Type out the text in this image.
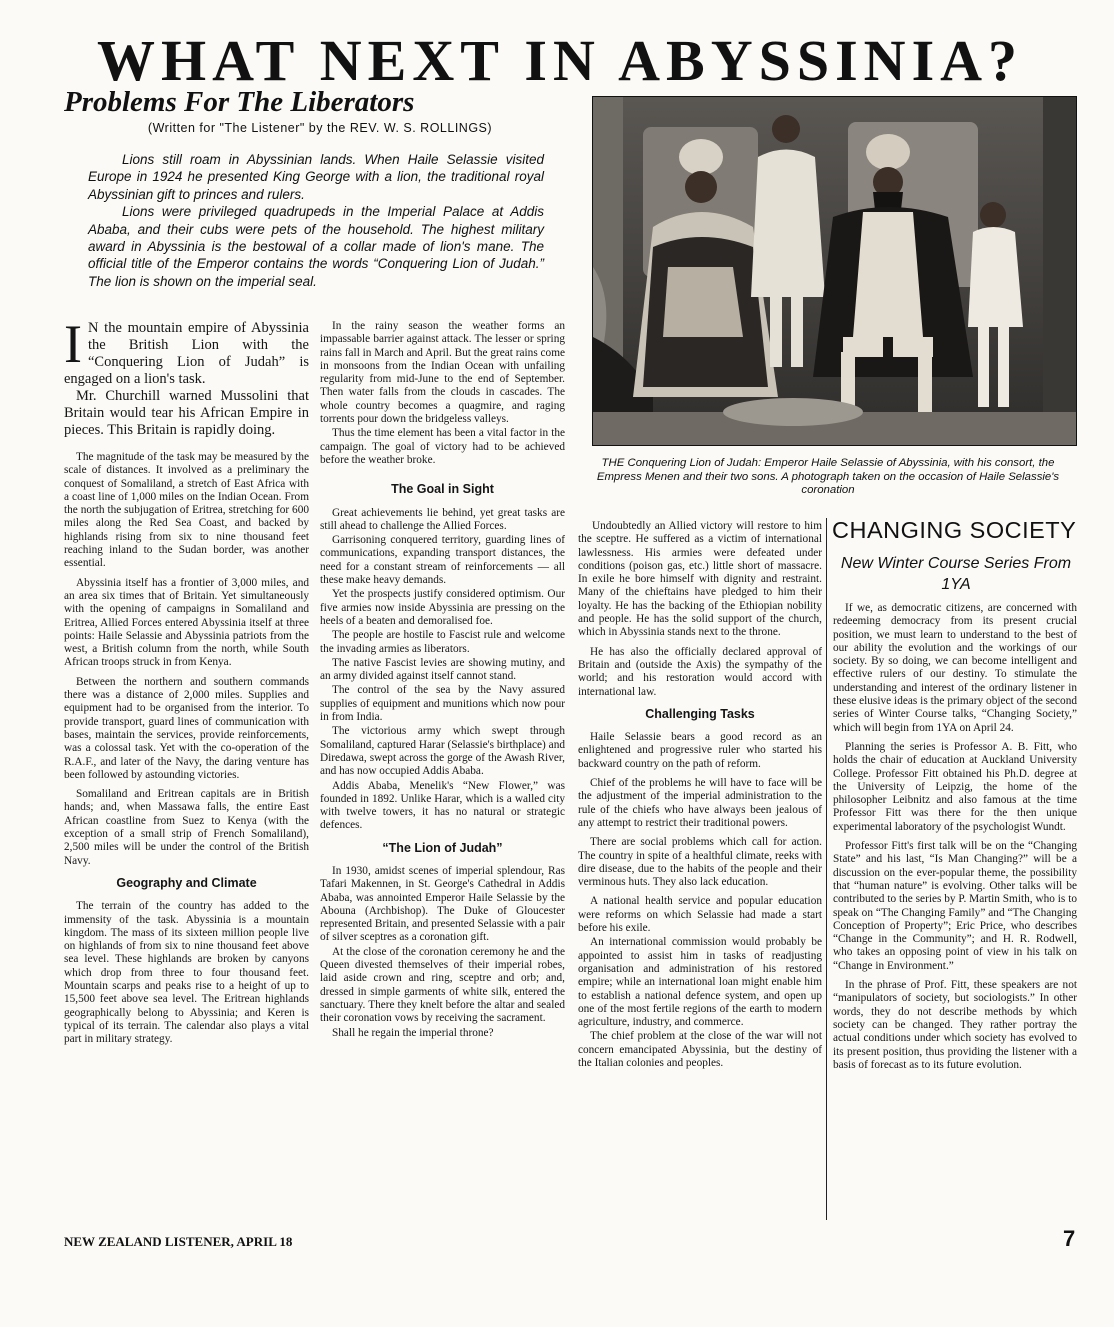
WHAT NEXT IN ABYSSINIA?
Problems For The Liberators
(Written for "The Listener" by the REV. W. S. ROLLINGS)

Lions still roam in Abyssinian lands. When Haile Selassie visited Europe in 1924 he presented King George with a lion, the traditional royal Abyssinian gift to princes and rulers.

Lions were privileged quadrupeds in the Imperial Palace at Addis Ababa, and their cubs were pets of the household. The highest military award in Abyssinia is the bestowal of a collar made of lion's mane. The official title of the Emperor contains the words “Conquering Lion of Judah.” The lion is shown on the imperial seal.

I N the mountain empire of Abyssinia the British Lion with the “Conquering Lion of Judah” is engaged on a lion's task.

Mr. Churchill warned Mussolini that Britain would tear his African Empire in pieces. This Britain is rapidly doing.

The magnitude of the task may be measured by the scale of distances. It involved as a preliminary the conquest of Somaliland, a stretch of East Africa with a coast line of 1,000 miles on the Indian Ocean. From the north the subjugation of Eritrea, stretching for 600 miles along the Red Sea Coast, and backed by highlands rising from six to nine thousand feet reaching inland to the Sudan border, was another essential.

Abyssinia itself has a frontier of 3,000 miles, and an area six times that of Britain. Yet simultaneously with the opening of campaigns in Somaliland and Eritrea, Allied Forces entered Abyssinia itself at three points: Haile Selassie and Abyssinia patriots from the west, a British column from the north, while South African troops struck in from Kenya.

Between the northern and southern commands there was a distance of 2,000 miles. Supplies and equipment had to be organised from the interior. To provide transport, guard lines of communication with bases, maintain the services, provide reinforcements, was a colossal task. Yet with the co-operation of the R.A.F., and later of the Navy, the daring venture has been followed by astounding victories.

Somaliland and Eritrean capitals are in British hands; and, when Massawa falls, the entire East African coastline from Suez to Kenya (with the exception of a small strip of French Somaliland), 2,500 miles will be under the control of the British Navy.

Geography and Climate

The terrain of the country has added to the immensity of the task. Abyssinia is a mountain kingdom. The mass of its sixteen million people live on highlands of from six to nine thousand feet above sea level. These highlands are broken by canyons which drop from three to four thousand feet. Mountain scarps and peaks rise to a height of up to 15,500 feet above sea level. The Eritrean highlands geographically belong to Abyssinia; and Keren is typical of its terrain. The calendar also plays a vital part in military strategy.

In the rainy season the weather forms an impassable barrier against attack. The lesser or spring rains fall in March and April. But the great rains come in monsoons from the Indian Ocean with unfailing regularity from mid-June to the end of September. Then water falls from the clouds in cascades. The whole country becomes a quagmire, and raging torrents pour down the bridgeless valleys.

Thus the time element has been a vital factor in the campaign. The goal of victory had to be achieved before the weather broke.

The Goal in Sight

Great achievements lie behind, yet great tasks are still ahead to challenge the Allied Forces.

Garrisoning conquered territory, guarding lines of communications, expanding transport distances, the need for a constant stream of reinforcements — all these make heavy demands.

Yet the prospects justify considered optimism. Our five armies now inside Abyssinia are pressing on the heels of a beaten and demoralised foe.

The people are hostile to Fascist rule and welcome the invading armies as liberators.

The native Fascist levies are showing mutiny, and an army divided against itself cannot stand.

The control of the sea by the Navy assured supplies of equipment and munitions which now pour in from India.

The victorious army which swept through Somaliland, captured Harar (Selassie's birthplace) and Diredawa, swept across the gorge of the Awash River, and has now occupied Addis Ababa.

Addis Ababa, Menelik's “New Flower,” was founded in 1892. Unlike Harar, which is a walled city with twelve towers, it has no natural or strategic defences.

“The Lion of Judah”

In 1930, amidst scenes of imperial splendour, Ras Tafari Makennen, in St. George's Cathedral in Addis Ababa, was annointed Emperor Haile Selassie by the Abouna (Archbishop). The Duke of Gloucester represented Britain, and presented Selassie with a pair of silver sceptres as a coronation gift.

At the close of the coronation ceremony he and the Queen divested themselves of their imperial robes, laid aside crown and ring, sceptre and orb; and, dressed in simple garments of white silk, entered the sanctuary. There they knelt before the altar and sealed their coronation vows by receiving the sacrament.

Shall he regain the imperial throne?

THE Conquering Lion of Judah: Emperor Haile Selassie of Abyssinia, with his consort, the Empress Menen and their two sons. A photograph taken on the occasion of Haile Selassie's coronation

Undoubtedly an Allied victory will restore to him the sceptre. He suffered as a victim of international lawlessness. His armies were defeated under conditions (poison gas, etc.) little short of massacre. In exile he bore himself with dignity and restraint. Many of the chieftains have pledged to him their loyalty. He has the backing of the Ethiopian nobility and people. He has the solid support of the church, which in Abyssinia stands next to the throne.

He has also the officially declared approval of Britain and (outside the Axis) the sympathy of the world; and his restoration would accord with international law.

Challenging Tasks

Haile Selassie bears a good record as an enlightened and progressive ruler who started his backward country on the path of reform.

Chief of the problems he will have to face will be the adjustment of the imperial administration to the rule of the chiefs who have always been jealous of any attempt to restrict their traditional powers.

There are social problems which call for action. The country in spite of a healthful climate, reeks with dire disease, due to the habits of the people and their verminous huts. They also lack education.

A national health service and popular education were reforms on which Selassie had made a start before his exile.

An international commission would probably be appointed to assist him in tasks of readjusting organisation and administration of his restored empire; while an international loan might enable him to establish a national defence system, and open up one of the most fertile regions of the earth to modern agriculture, industry, and commerce.

The chief problem at the close of the war will not concern emancipated Abyssinia, but the destiny of the Italian colonies and peoples.

CHANGING SOCIETY
New Winter Course Series From 1YA

If we, as democratic citizens, are concerned with redeeming democracy from its present crucial position, we must learn to understand to the best of our ability the evolution and the workings of our society. By so doing, we can become intelligent and effective rulers of our destiny. To stimulate the understanding and interest of the ordinary listener in these elusive ideas is the primary object of the second series of Winter Course talks, “Changing Society,” which will begin from 1YA on April 24.

Planning the series is Professor A. B. Fitt, who holds the chair of education at Auckland University College. Professor Fitt obtained his Ph.D. degree at the University of Leipzig, the home of the philosopher Leibnitz and also famous at the time Professor Fitt was there for the then unique experimental laboratory of the psychologist Wundt.

Professor Fitt's first talk will be on the “Changing State” and his last, “Is Man Changing?” will be a discussion on the ever-popular theme, the possibility that “human nature” is evolving. Other talks will be contributed to the series by P. Martin Smith, who is to speak on “The Changing Family” and “The Changing Conception of Property”; Eric Price, who describes “Change in the Community”; and H. R. Rodwell, who takes an opposing point of view in his talk on “Change in Environment.”

In the phrase of Prof. Fitt, these speakers are not “manipulators of society, but sociologists.” In other words, they do not describe methods by which society can be changed. They rather portray the actual conditions under which society has evolved to its present position, thus providing the listener with a basis of forecast as to its future evolution.

NEW ZEALAND LISTENER, APRIL 18	7
